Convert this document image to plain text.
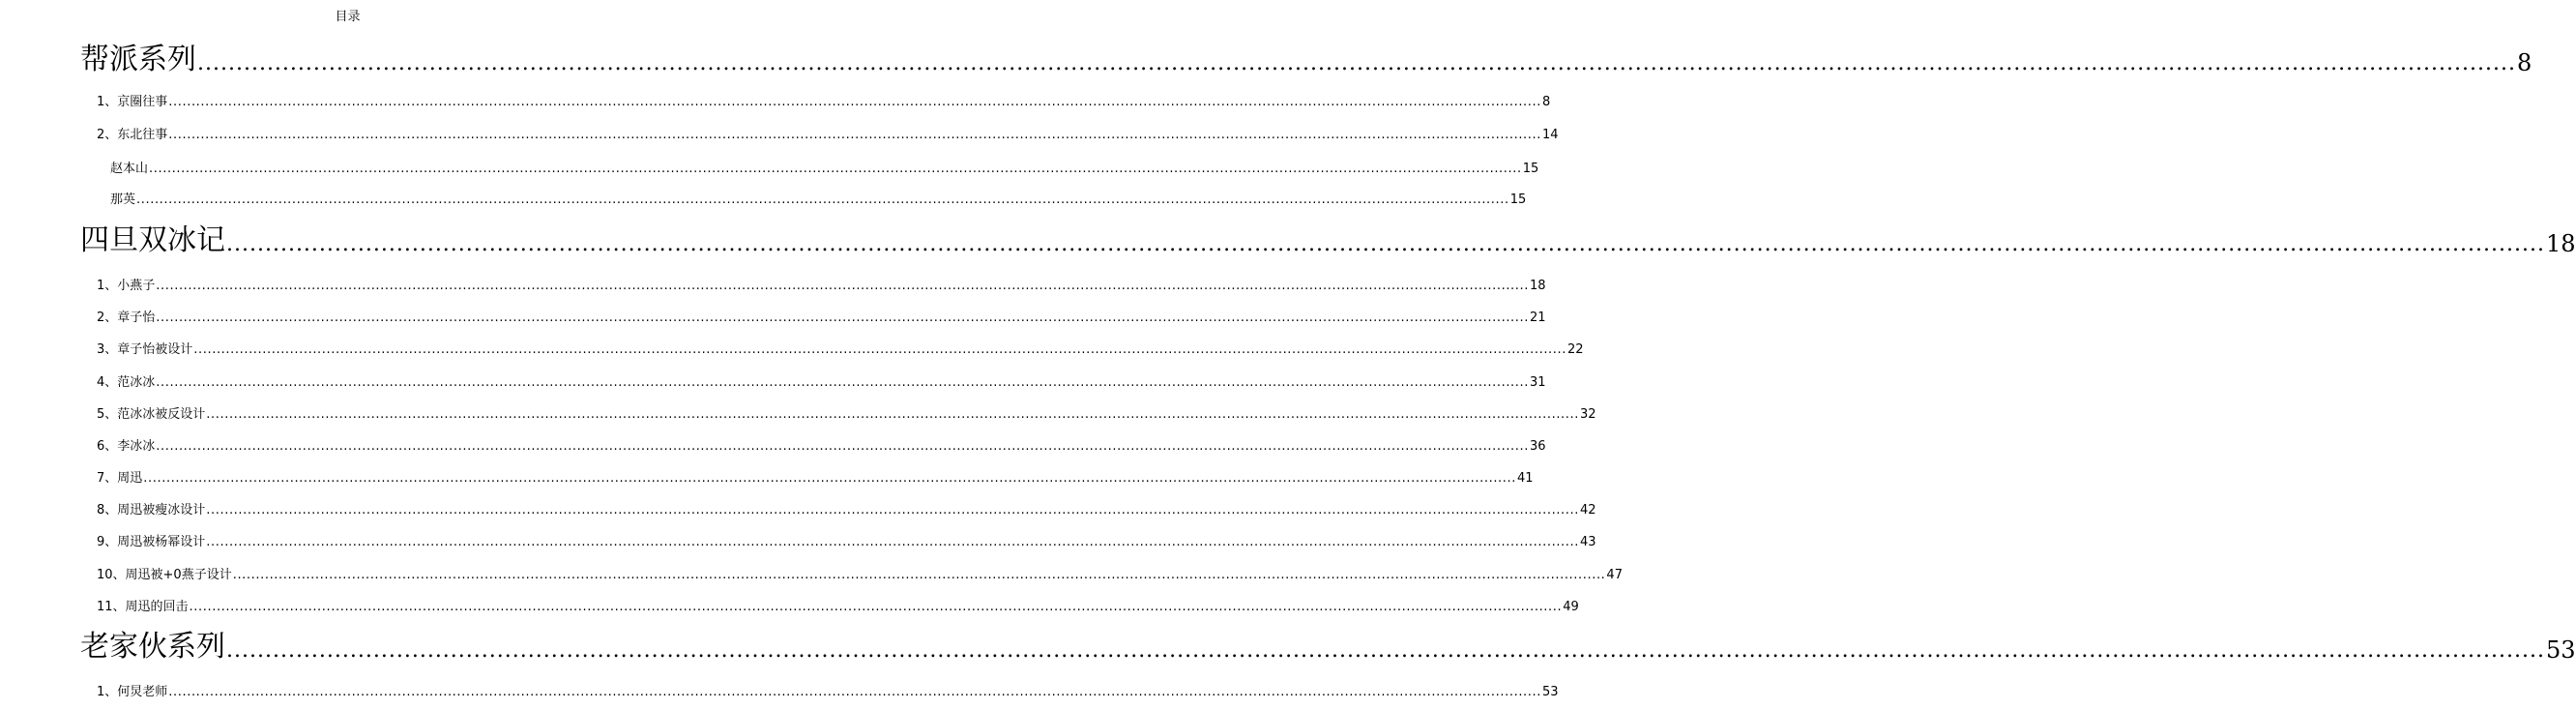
目录
帮派系列 ............................................................................................................................................................................................................................................................................................................ 8
1、京圈往事 ............................................................................................................................................................................................................................................................................................................ 8
2、东北往事 ............................................................................................................................................................................................................................................................................................................ 14
赵本山 ............................................................................................................................................................................................................................................................................................................ 15
那英 ............................................................................................................................................................................................................................................................................................................ 15
四旦双冰记 ............................................................................................................................................................................................................................................................................................................ 18
1、小燕子 ............................................................................................................................................................................................................................................................................................................ 18
2、章子怡 ............................................................................................................................................................................................................................................................................................................ 21
3、章子怡被设计 ............................................................................................................................................................................................................................................................................................................ 22
4、范冰冰 ............................................................................................................................................................................................................................................................................................................ 31
5、范冰冰被反设计 ............................................................................................................................................................................................................................................................................................................ 32
6、李冰冰 ............................................................................................................................................................................................................................................................................................................ 36
7、周迅 ............................................................................................................................................................................................................................................................................................................ 41
8、周迅被瘦冰设计 ............................................................................................................................................................................................................................................................................................................ 42
9、周迅被杨幂设计 ............................................................................................................................................................................................................................................................................................................ 43
10、周迅被+0燕子设计 ............................................................................................................................................................................................................................................................................................................ 47
11、周迅的回击 ............................................................................................................................................................................................................................................................................................................ 49
老家伙系列 ............................................................................................................................................................................................................................................................................................................ 53
1、何炅老师 ............................................................................................................................................................................................................................................................................................................ 53
